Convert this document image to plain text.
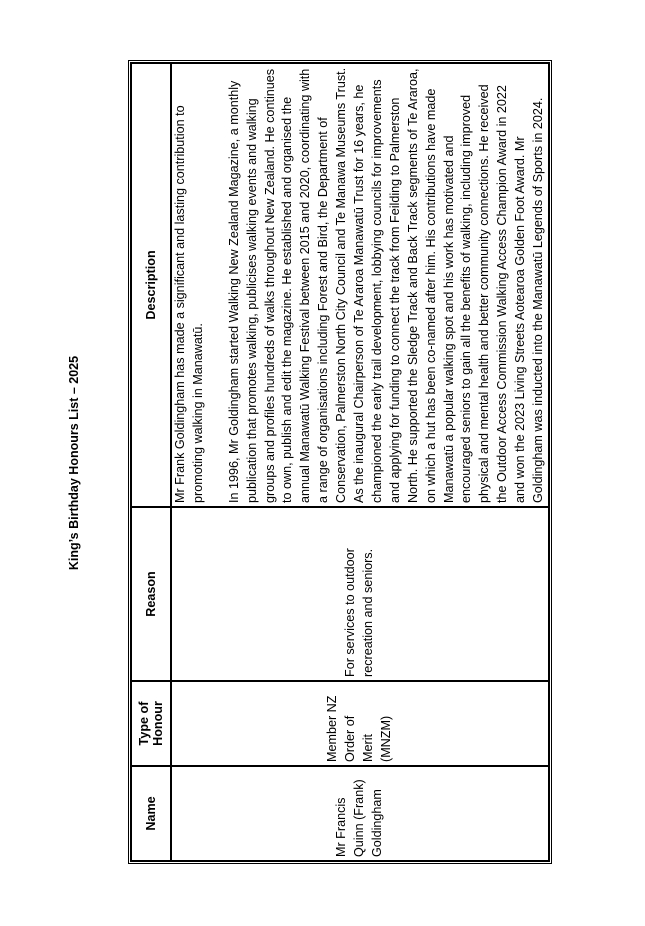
King’s Birthday Honours List – 2025
Name	Type of Honour	Reason	Description
Mr Francis Quinn (Frank) Goldingham	Member NZ Order of Merit (MNZM)	For services to outdoor recreation and seniors.	Mr Frank Goldingham has made a significant and lasting contribution to promoting walking in Manawatū. In 1996, Mr Goldingham started Walking New Zealand Magazine, a monthly publication that promotes walking, publicises walking events and walking groups and profiles hundreds of walks throughout New Zealand. He continues to own, publish and edit the magazine. He established and organised the annual Manawatū Walking Festival between 2015 and 2020, coordinating with a range of organisations including Forest and Bird, the Department of Conservation, Palmerston North City Council and Te Manawa Museums Trust. As the inaugural Chairperson of Te Araroa Manawatū Trust for 16 years, he championed the early trail development, lobbying councils for improvements and applying for funding to connect the track from Feilding to Palmerston North. He supported the Sledge Track and Back Track segments of Te Araroa, on which a hut has been co-named after him. His contributions have made Manawatū a popular walking spot and his work has motivated and encouraged seniors to gain all the benefits of walking, including improved physical and mental health and better community connections. He received the Outdoor Access Commission Walking Access Champion Award in 2022 and won the 2023 Living Streets Aotearoa Golden Foot Award. Mr Goldingham was inducted into the Manawatū Legends of Sports in 2024.
